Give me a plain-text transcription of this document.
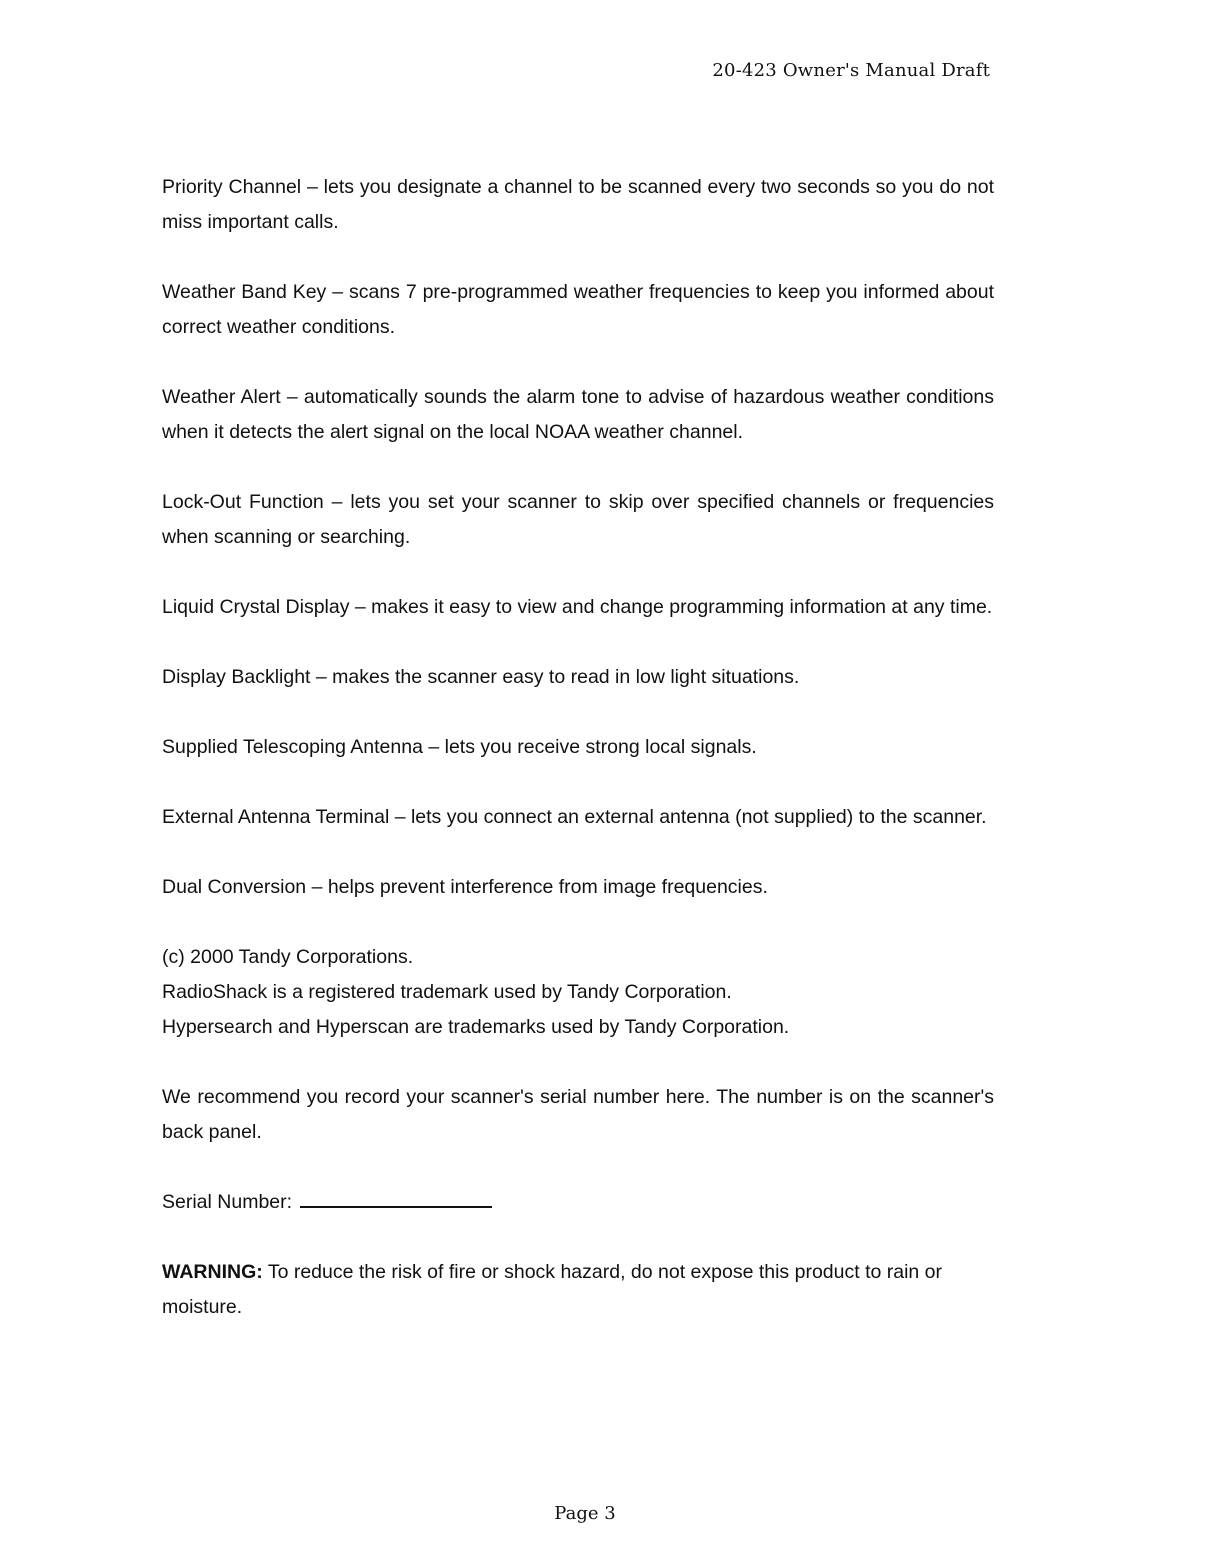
20-423 Owner's Manual Draft

Priority Channel – lets you designate a channel to be scanned every two seconds so you do not miss important calls.

Weather Band Key – scans 7 pre-programmed weather frequencies to keep you informed about correct weather conditions.

Weather Alert – automatically sounds the alarm tone to advise of hazardous weather conditions when it detects the alert signal on the local NOAA weather channel.

Lock-Out Function – lets you set your scanner to skip over specified channels or frequencies when scanning or searching.

Liquid Crystal Display – makes it easy to view and change programming information at any time.

Display Backlight – makes the scanner easy to read in low light situations.

Supplied Telescoping Antenna – lets you receive strong local signals.

External Antenna Terminal – lets you connect an external antenna (not supplied) to the scanner.

Dual Conversion – helps prevent interference from image frequencies.

(c) 2000 Tandy Corporations.
RadioShack is a registered trademark used by Tandy Corporation.
Hypersearch and Hyperscan are trademarks used by Tandy Corporation.

We recommend you record your scanner's serial number here. The number is on the scanner's back panel.

Serial Number:

WARNING: To reduce the risk of fire or shock hazard, do not expose this product to rain or moisture.

Page 3
